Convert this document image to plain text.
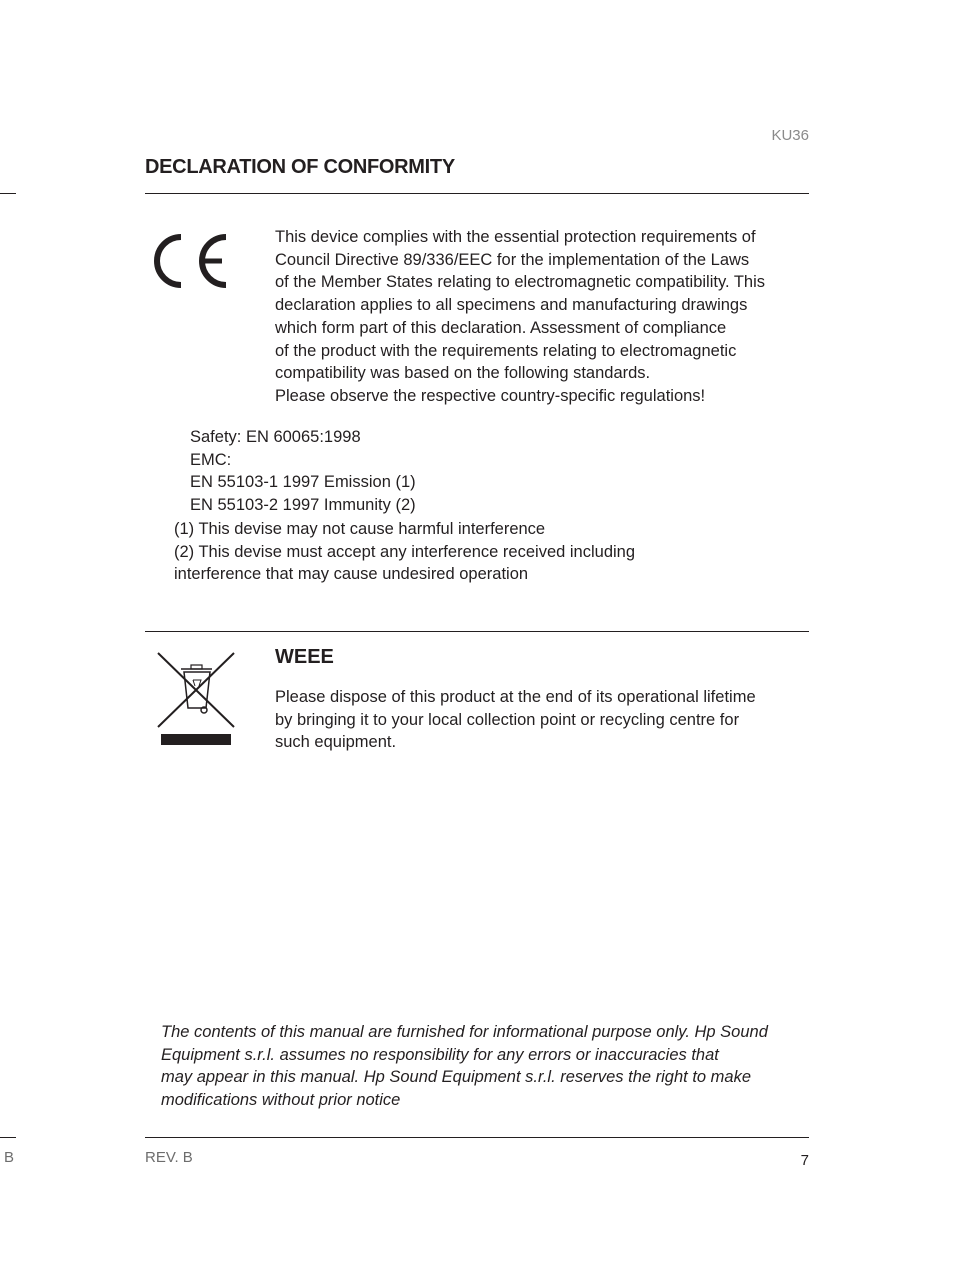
KU36
DECLARATION OF CONFORMITY

This device complies with the essential protection requirements of

Council Directive 89/336/EEC for the implementation of the Laws

of the Member States relating to electromagnetic compatibility. This

declaration applies to all specimens and manufacturing drawings

which form part of this declaration. Assessment of compliance

of the product with the requirements relating to electromagnetic

compatibility was based on the following standards.

Please observe the respective country-specific regulations!

Safety: EN 60065:1998
EMC:
EN 55103-1 1997 Emission (1)
EN 55103-2 1997 Immunity (2)
(1) This devise may not cause harmful interference
(2) This devise must accept any interference received including
interference that may cause undesired operation
WEEE

Please dispose of this product at the end of its operational lifetime

by bringing it to your local collection point or recycling centre for

such equipment.

The contents of this manual are furnished for informational purpose only. Hp Sound
Equipment s.r.l. assumes no responsibility for any errors or inaccuracies that
may appear in this manual. Hp Sound Equipment s.r.l. reserves the right to make
modifications without prior notice
B	REV. B	7
